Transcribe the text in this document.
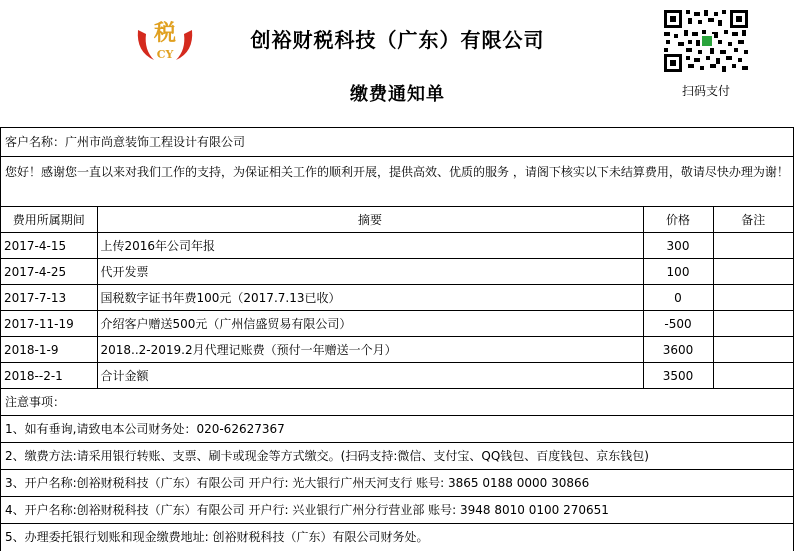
税
CY
创裕财税科技（广东）有限公司
缴费通知单	扫码支付
客户名称：广州市尚意装饰工程设计有限公司
您好！感谢您一直以来对我们工作的支持，为保证相关工作的顺利开展，提供高效、优质的服务 ，请阁下核实以下未结算费用，敬请尽快办理为谢！
费用所属期间	摘要	价格	备注
2017-4-15	上传2016年公司年报	300	
2017-4-25	代开发票	100	
2017-7-13	国税数字证书年费100元（2017.7.13已收）	0	
2017-11-19	介绍客户赠送500元（广州信盛贸易有限公司）	-500	
2018-1-9	2018..2-2019.2月代理记账费（预付一年赠送一个月）	3600	
2018--2-1	合计金额	3500	
注意事项：
1、如有垂询,请致电本公司财务处：020-62627367
2、缴费方法:请采用银行转账、支票、刷卡或现金等方式缴交。(扫码支持:微信、支付宝、QQ钱包、百度钱包、京东钱包)
3、开户名称:创裕财税科技（广东）有限公司 开户行: 光大银行广州天河支行 账号: 3865 0188 0000 30866
4、开户名称:创裕财税科技（广东）有限公司 开户行: 兴业银行广州分行营业部 账号: 3948 8010 0100 270651
5、办理委托银行划账和现金缴费地址: 创裕财税科技（广东）有限公司财务处。
